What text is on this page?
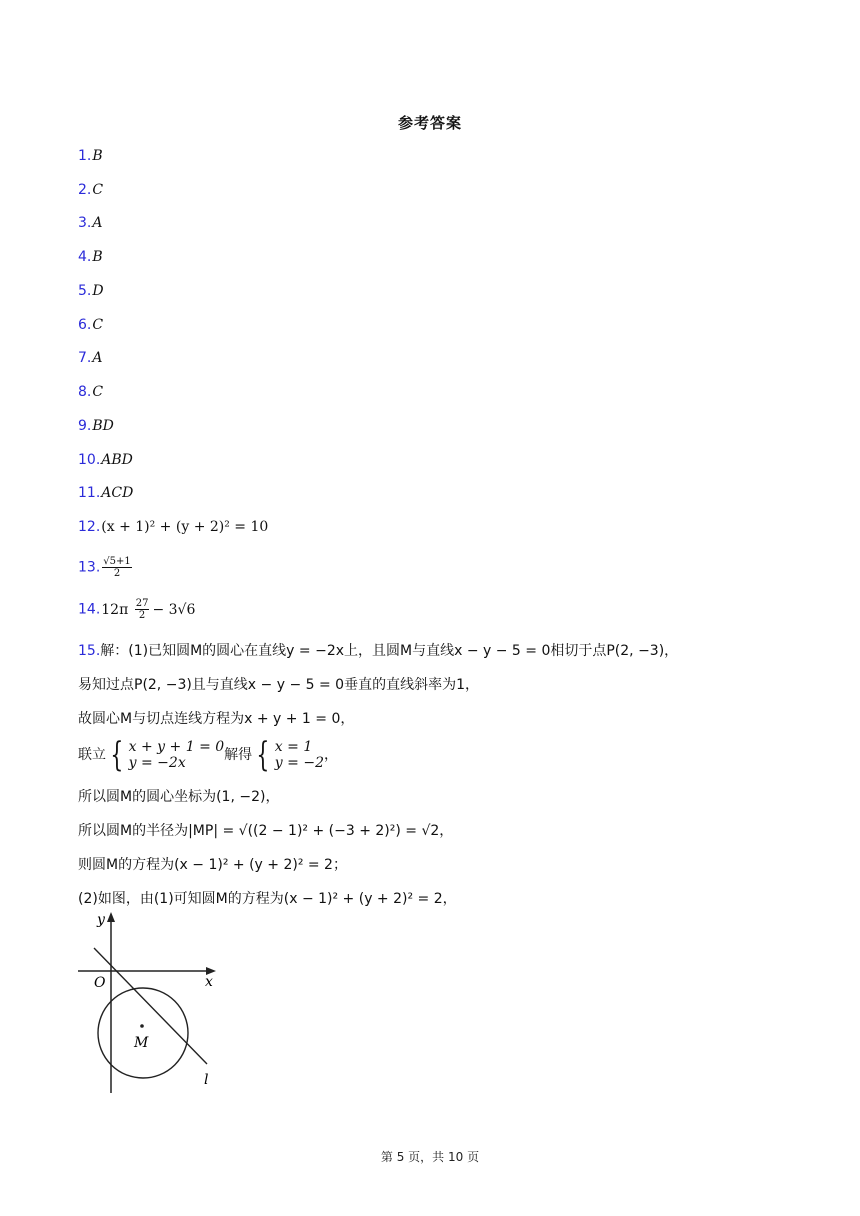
参考答案
1.B
2.C
3.A
4.B
5.D
6.C
7.A
8.C
9.BD
10.ABD
11.ACD
12.(x + 1)² + (y + 2)² = 10
13. $\frac{√5+1}{2}$
$14.12\pi \frac{27}{2} - 3√6$
15.解：(1)已知圆M的圆心在直线y = −2x上，且圆M与直线x − y − 5 = 0相切于点P(2, −3)，
易知过点P(2, −3)且与直线x − y − 5 = 0垂直的直线斜率为1，
故圆心M与切点连线方程为x + y + 1 = 0，
联立 { x + y + 1 = 0
y = −2x	解得 { x = 1
y = −2 ，
所以圆M的圆心坐标为(1, −2)，
所以圆M的半径为|MP| = √((2 − 1)² + (−3 + 2)²) = √2，
则圆M的方程为(x − 1)² + (y + 2)² = 2；
(2)如图，由(1)可知圆M的方程为(x − 1)² + (y + 2)² = 2，
y
x
O
M
l
第 5 页，共 10 页
